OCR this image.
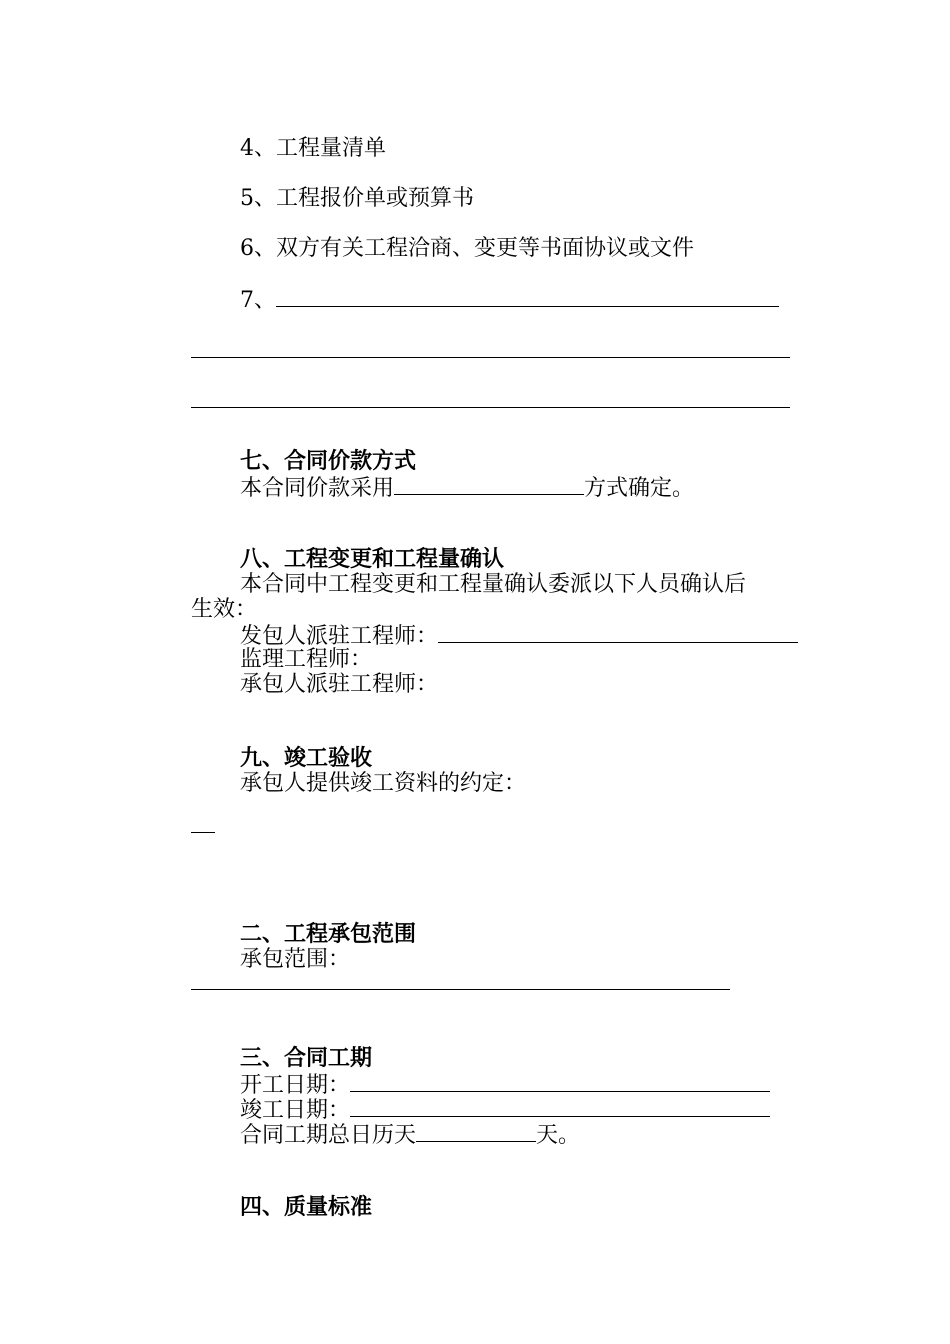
4、工程量清单
5、工程报价单或预算书
6、双方有关工程洽商、变更等书面协议或文件
7、
七、合同价款方式
本合同价款采用	方式确定。
八、工程变更和工程量确认
本合同中工程变更和工程量确认委派以下人员确认后
生效：
发包人派驻工程师：
监理工程师：
承包人派驻工程师：
九、竣工验收
承包人提供竣工资料的约定：
二、工程承包范围
承包范围：
三、合同工期
开工日期：
竣工日期：
合同工期总日历天	天。
四、质量标准
